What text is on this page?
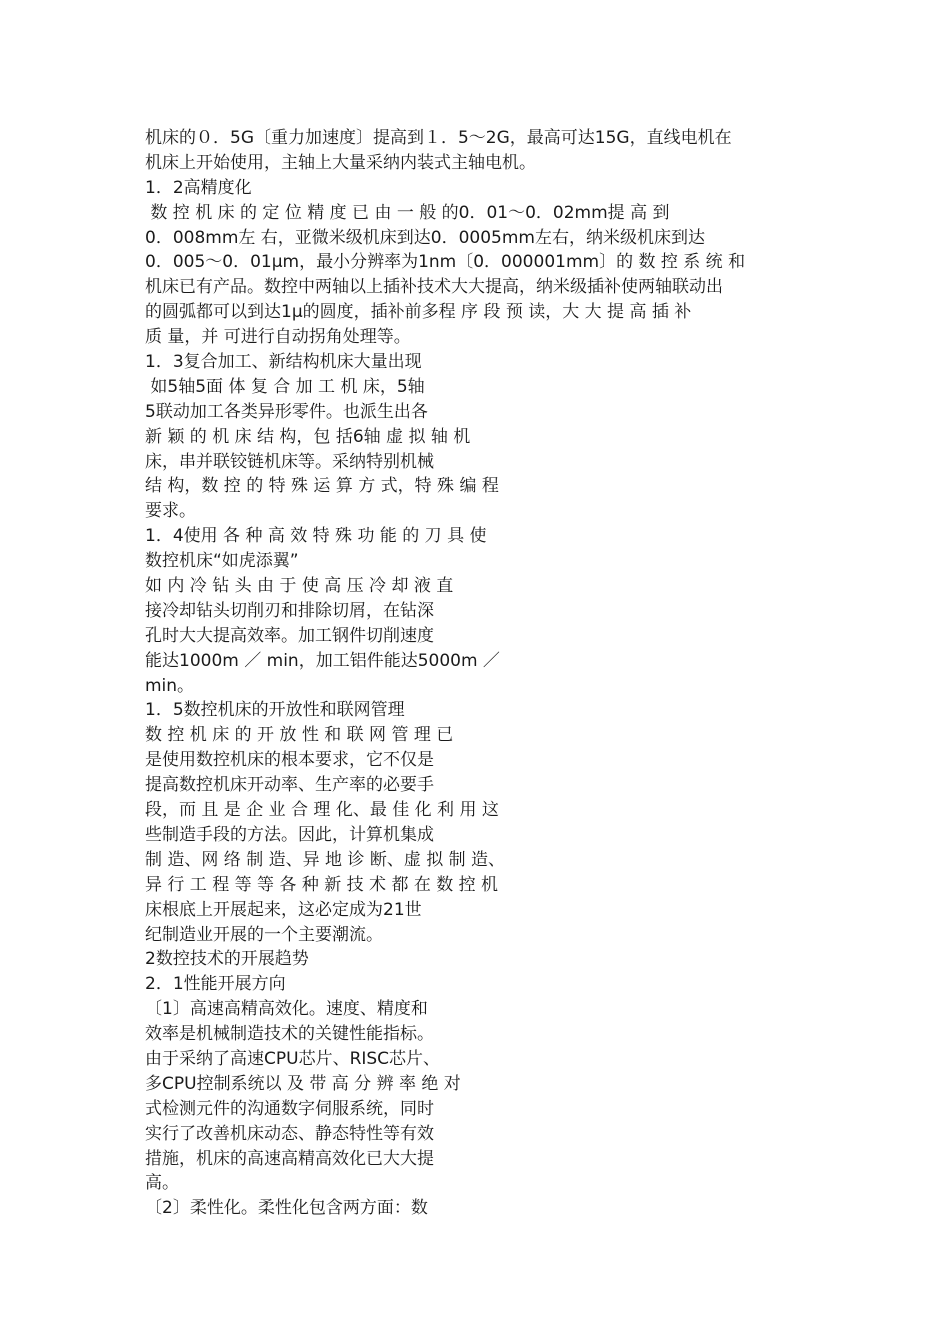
机床的０．5G〔重力加速度〕提高到１．5～2G，最高可达15G，直线电机在
机床上开始使用，主轴上大量采纳内装式主轴电机。
1．2高精度化
数 控 机 床 的 定 位 精 度 已 由 一 般 的0．01～0．02mm提 高 到
0．008mm左 右，亚微米级机床到达0．0005mm左右，纳米级机床到达
0．005～0．01μm，最小分辨率为1nm〔0．000001mm〕的 数 控 系 统 和
机床已有产品。数控中两轴以上插补技术大大提高，纳米级插补使两轴联动出
的圆弧都可以到达1μ的圆度，插补前多程 序 段 预 读，大 大 提 高 插 补
质 量，并 可进行自动拐角处理等。
1．3复合加工、新结构机床大量出现
如5轴5面 体 复 合 加 工 机 床，5轴
5联动加工各类异形零件。也派生出各
新 颖 的 机 床 结 构，包 括6轴 虚 拟 轴 机
床，串并联铰链机床等。采纳特别机械
结 构，数 控 的 特 殊 运 算 方 式，特 殊 编 程
要求。
1．4使用 各 种 高 效 特 殊 功 能 的 刀 具 使
数控机床“如虎添翼”
如 内 冷 钻 头 由 于 使 高 压 冷 却 液 直
接冷却钻头切削刃和排除切屑，在钻深
孔时大大提高效率。加工钢件切削速度
能达1000m ／ min，加工铝件能达5000m ／
min。
1．5数控机床的开放性和联网管理
数 控 机 床 的 开 放 性 和 联 网 管 理 已
是使用数控机床的根本要求，它不仅是
提高数控机床开动率、生产率的必要手
段，而 且 是 企 业 合 理 化、最 佳 化 利 用 这
些制造手段的方法。因此，计算机集成
制 造、网 络 制 造、异 地 诊 断、虚 拟 制 造、
异 行 工 程 等 等 各 种 新 技 术 都 在 数 控 机
床根底上开展起来，这必定成为21世
纪制造业开展的一个主要潮流。
2数控技术的开展趋势
2．1性能开展方向
〔1〕高速高精高效化。速度、精度和
效率是机械制造技术的关键性能指标。
由于采纳了高速CPU芯片、RISC芯片、
多CPU控制系统以 及 带 高 分 辨 率 绝 对
式检测元件的沟通数字伺服系统，同时
实行了改善机床动态、静态特性等有效
措施，机床的高速高精高效化已大大提
高。
〔2〕柔性化。柔性化包含两方面：数
